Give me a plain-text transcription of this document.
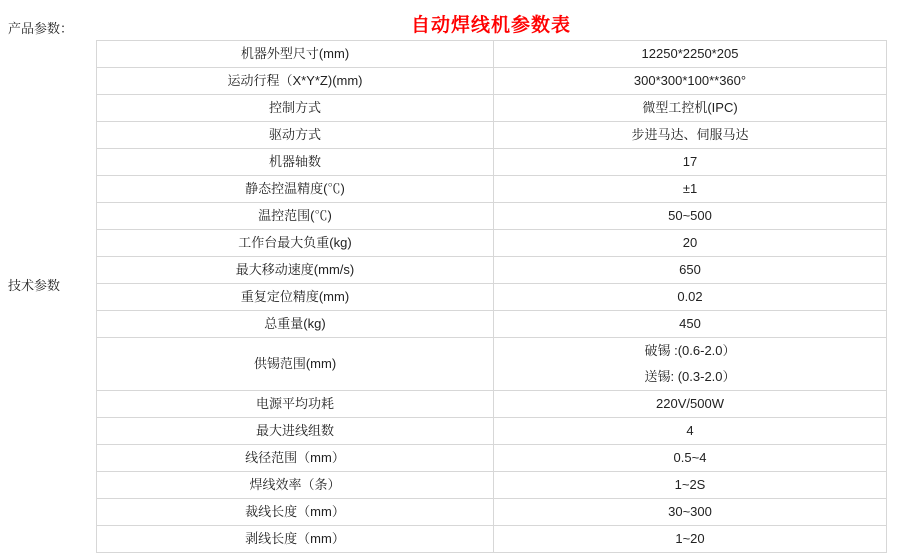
产品参数：
技术参数
自动焊线机参数表
机器外型尺寸(mm)	12250*2250*205
运动行程（X*Y*Z)(mm)	300*300*100**360°
控制方式	微型工控机(IPC)
驱动方式	步进马达、伺服马达
机器轴数	17
静态控温精度(℃)	±1
温控范围(℃)	50~500
工作台最大负重(kg)	20
最大移动速度(mm/s)	650
重复定位精度(mm)	0.02
总重量(kg)	450
供锡范围(mm)	破锡 :(0.6-2.0）
送锡: (0.3-2.0）

电源平均功耗	220V/500W
最大进线组数	4
线径范围（mm）	0.5~4
焊线效率（条）	1~2S
裁线长度（mm）	30~300
剥线长度（mm）	1~20
